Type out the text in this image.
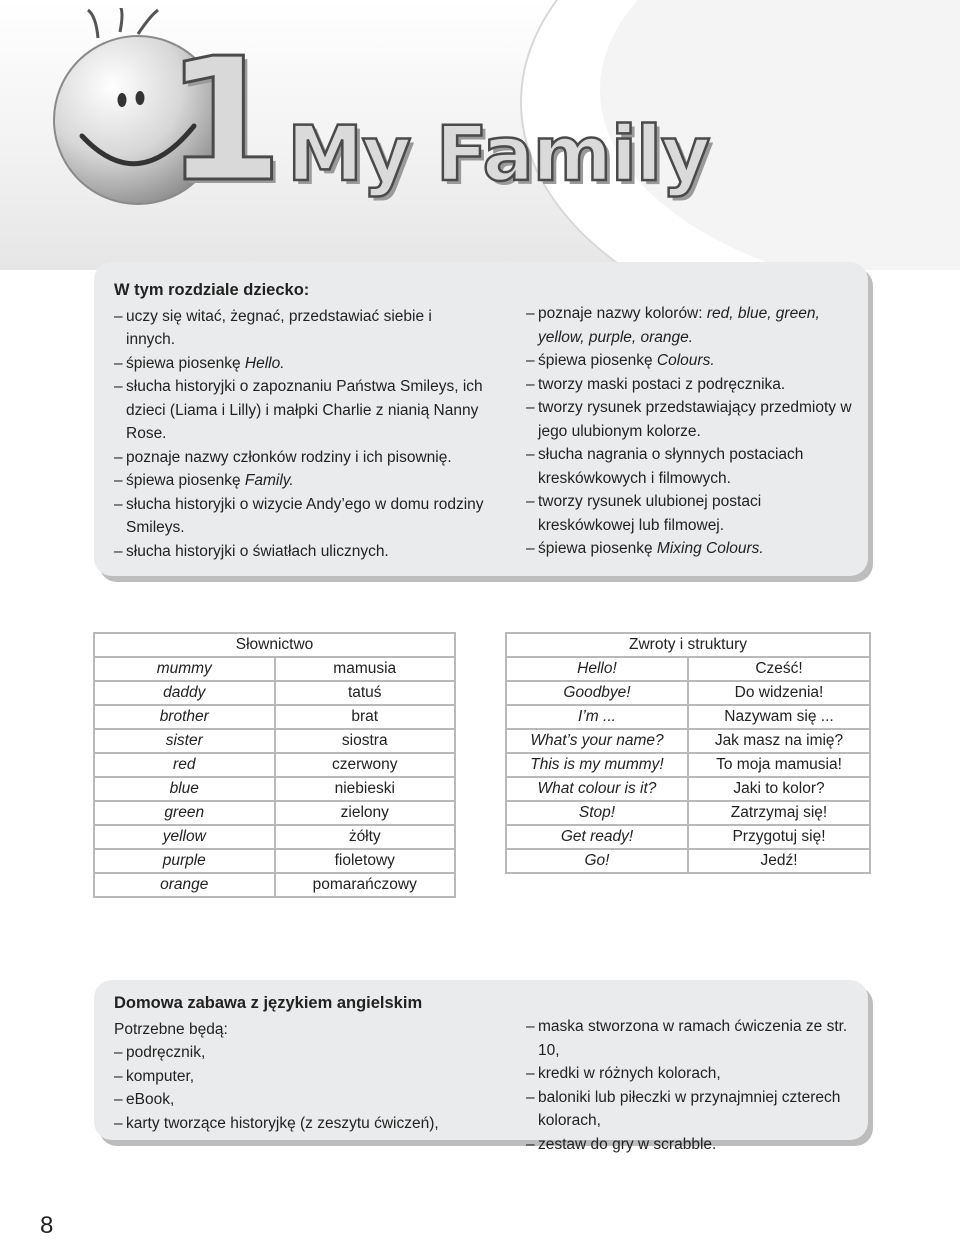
1 My Family
W tym rozdziale dziecko:
– uczy się witać, żegnać, przedstawiać siebie i innych.
– śpiewa piosenkę Hello.
– słucha historyjki o zapoznaniu Państwa Smileys, ich dzieci (Liama i Lilly) i małpki Charlie z nianią Nanny Rose.
– poznaje nazwy członków rodziny i ich pisownię.
– śpiewa piosenkę Family.
– słucha historyjki o wizycie Andy’ego w domu rodziny Smileys.
– słucha historyjki o światłach ulicznych.
– poznaje nazwy kolorów: red, blue, green, yellow, purple, orange.
– śpiewa piosenkę Colours.
– tworzy maski postaci z podręcznika.
– tworzy rysunek przedstawiający przedmioty w jego ulubionym kolorze.
– słucha nagrania o słynnych postaciach kreskówkowych i filmowych.
– tworzy rysunek ulubionej postaci kreskówkowej lub filmowej.
– śpiewa piosenkę Mixing Colours.
Słownictwo	
mummy	mamusia
daddy	tatuś
brother	brat
sister	siostra
red	czerwony
blue	niebieski
green	zielony
yellow	żółty
purple	fioletowy
orange	pomarańczowy
Zwroty i struktury	
Hello!	Cześć!
Goodbye!	Do widzenia!
I’m ...	Nazywam się ...
What’s your name?	Jak masz na imię?
This is my mummy!	To moja mamusia!
What colour is it?	Jaki to kolor?
Stop!	Zatrzymaj się!
Get ready!	Przygotuj się!
Go!	Jedź!
Domowa zabawa z językiem angielskim
Potrzebne będą:
– podręcznik,
– komputer,
– eBook,
– karty tworzące historyjkę (z zeszytu ćwiczeń),
– maska stworzona w ramach ćwiczenia ze str. 10,
– kredki w różnych kolorach,
– baloniki lub piłeczki w przynajmniej czterech kolorach,
– zestaw do gry w scrabble.
8
